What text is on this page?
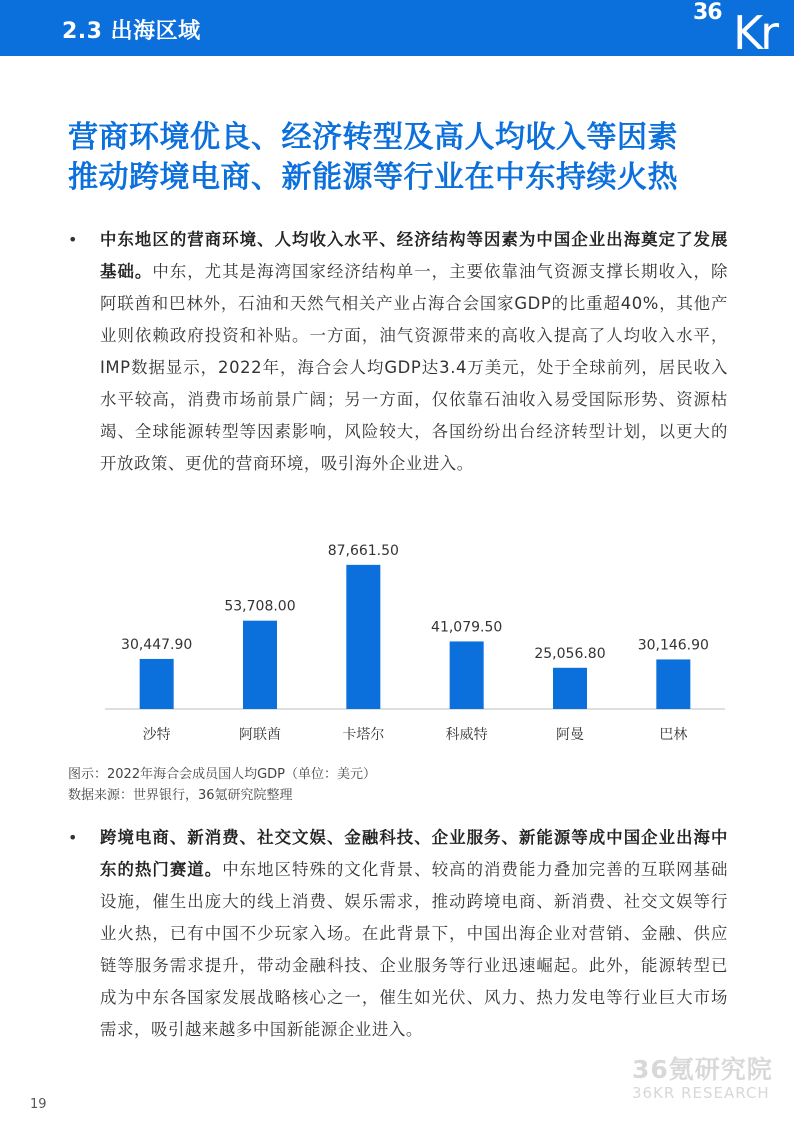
2.3 出海区域
36 Kr
营商环境优良、经济转型及高人均收入等因素
推动跨境电商、新能源等行业在中东持续火热
• 中东地区的营商环境、人均收入水平、经济结构等因素为中国企业出海奠定了发展基础。中东，尤其是海湾国家经济结构单一，主要依靠油气资源支撑长期收入，除阿联酋和巴林外，石油和天然气相关产业占海合会国家GDP的比重超40%，其他产业则依赖政府投资和补贴。一方面，油气资源带来的高收入提高了人均收入水平，IMP数据显示，2022年，海合会人均GDP达3.4万美元，处于全球前列，居民收入水平较高，消费市场前景广阔；另一方面，仅依靠石油收入易受国际形势、资源枯竭、全球能源转型等因素影响，风险较大，各国纷纷出台经济转型计划，以更大的开放政策、更优的营商环境，吸引海外企业进入。
30,447.90
沙特
53,708.00
阿联酋
87,661.50
卡塔尔
41,079.50
科威特
25,056.80
阿曼
30,146.90
巴林
图示：2022年海合会成员国人均GDP（单位：美元）
数据来源：世界银行，36氪研究院整理
• 跨境电商、新消费、社交文娱、金融科技、企业服务、新能源等成中国企业出海中东的热门赛道。中东地区特殊的文化背景、较高的消费能力叠加完善的互联网基础设施，催生出庞大的线上消费、娱乐需求，推动跨境电商、新消费、社交文娱等行业火热，已有中国不少玩家入场。在此背景下，中国出海企业对营销、金融、供应链等服务需求提升，带动金融科技、企业服务等行业迅速崛起。此外，能源转型已成为中东各国家发展战略核心之一，催生如光伏、风力、热力发电等行业巨大市场需求，吸引越来越多中国新能源企业进入。
36氪研究院
36KR RESEARCH
19
